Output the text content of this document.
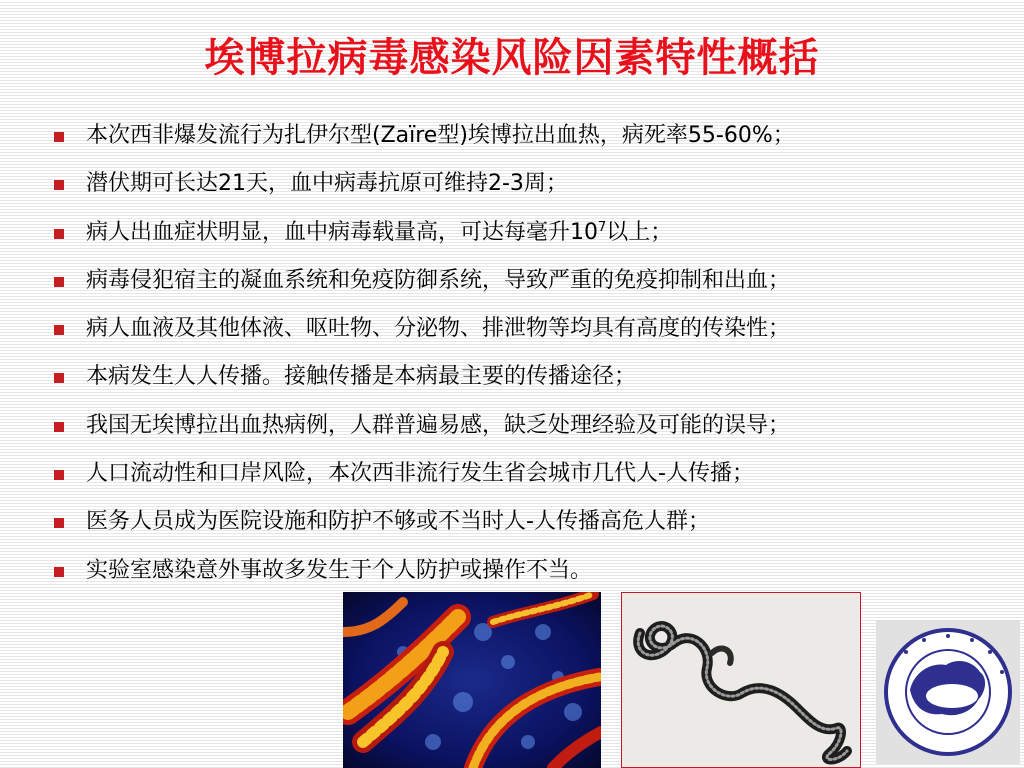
埃博拉病毒感染风险因素特性概括
本次西非爆发流行为扎伊尔型(Zaïre型)埃博拉出血热，病死率55-60%；
潜伏期可长达21天，血中病毒抗原可维持2-3周；
病人出血症状明显，血中病毒载量高，可达每毫升$10^7$以上；
病毒侵犯宿主的凝血系统和免疫防御系统，导致严重的免疫抑制和出血；
病人血液及其他体液、呕吐物、分泌物、排泄物等均具有高度的传染性；
本病发生人人传播。接触传播是本病最主要的传播途径；
我国无埃博拉出血热病例，人群普遍易感，缺乏处理经验及可能的误导；
人口流动性和口岸风险，本次西非流行发生省会城市几代人-人传播；
医务人员成为医院设施和防护不够或不当时人-人传播高危人群；
实验室感染意外事故多发生于个人防护或操作不当。
CDC
